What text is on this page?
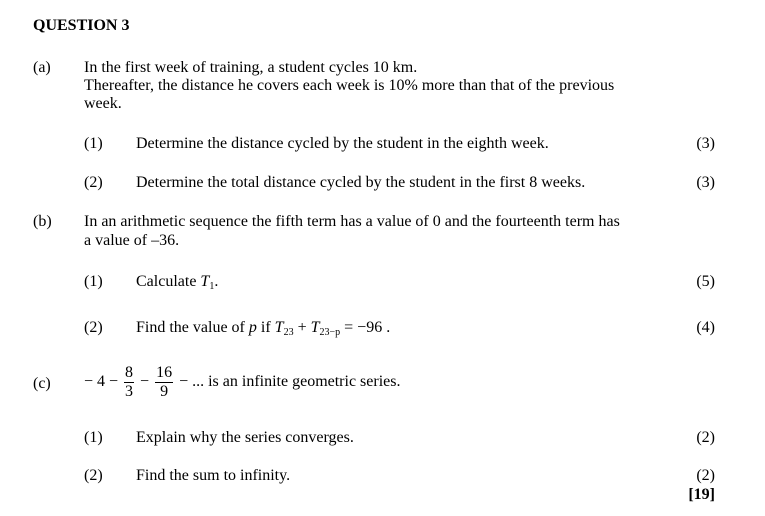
QUESTION 3
(a) In the first week of training, a student cycles 10 km.
Thereafter, the distance he covers each week is 10% more than that of the previous
week.
(1) Determine the distance cycled by the student in the eighth week.	(3)
(2) Determine the total distance cycled by the student in the first 8 weeks.	(3)
(b) In an arithmetic sequence the fifth term has a value of 0 and the fourteenth term has
a value of –36.
(1) Calculate $T_1$.	(5)
(2) Find the value of p if $T_{23} + T_{23-p} = -96$ .	(4)
$(c) - 4 - \frac{8}{3} - \frac{16}{9}$ − ... is an infinite geometric series.
(1) Explain why the series converges.	(2)
(2) Find the sum to infinity.	(2)
[19]
